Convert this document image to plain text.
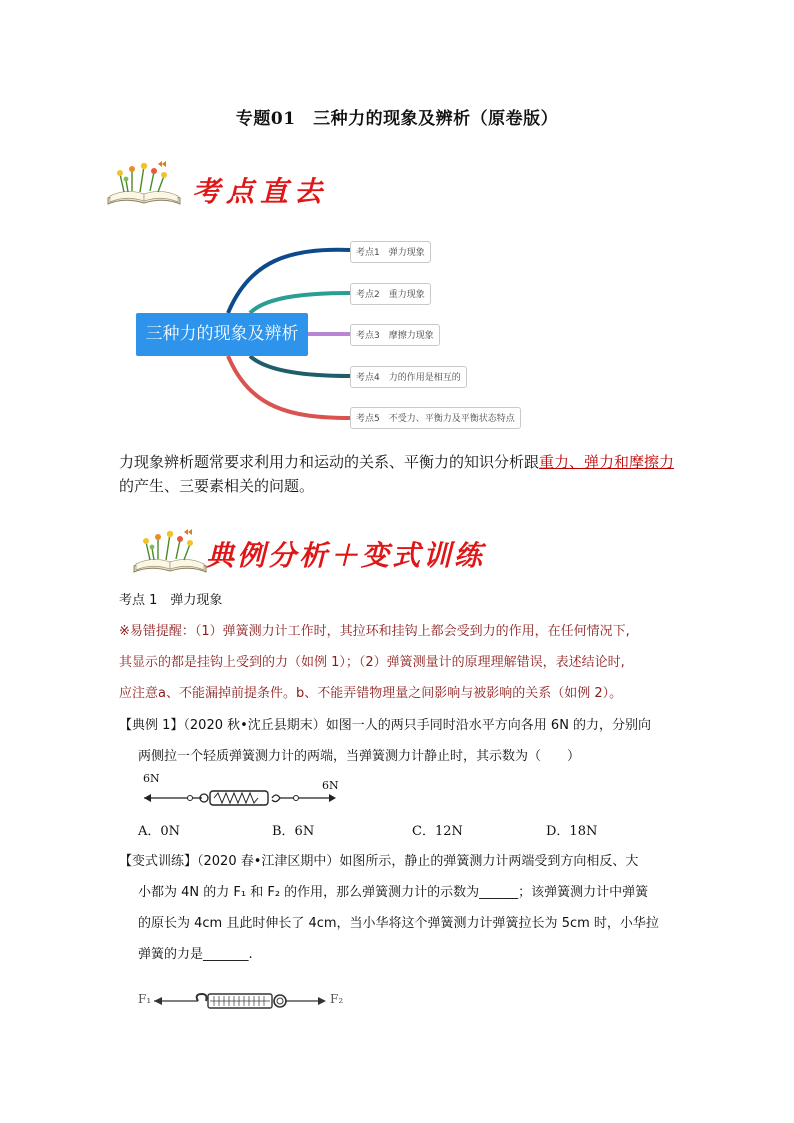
专题01　三种力的现象及辨析（原卷版）
考点直去
三种力的现象及辨析
考点1　弹力现象
考点2　重力现象
考点3　摩擦力现象
考点4　力的作用是相互的
考点5　不受力、平衡力及平衡状态特点
力现象辨析题常要求利用力和运动的关系、平衡力的知识分析跟重力、弹力和摩擦力的产生、三要素相关的问题。
典例分析＋变式训练
考点 1　弹力现象
※易错提醒：（1）弹簧测力计工作时，其拉环和挂钩上都会受到力的作用，在任何情况下,
其显示的都是挂钩上受到的力（如例 1）；（2）弹簧测量计的原理理解错误，表述结论时,
应注意a、不能漏掉前提条件。b、不能弄错物理量之间影响与被影响的关系（如例 2）。
【典例 1】（2020 秋•沈丘县期末）如图一人的两只手同时沿水平方向各用 6N 的力，分别向
两侧拉一个轻质弹簧测力计的两端，当弹簧测力计静止时，其示数为（　　）
6N
6N
A．0N	B．6N	C．12N	D．18N
【变式训练】（2020 春•江津区期中）如图所示，静止的弹簧测力计两端受到方向相反、大
小都为 4N 的力 F₁ 和 F₂ 的作用，那么弹簧测力计的示数为______；该弹簧测力计中弹簧
的原长为 4cm 且此时伸长了 4cm，当小华将这个弹簧测力计弹簧拉长为 5cm 时，小华拉
弹簧的力是_______.
F₁	F₂
